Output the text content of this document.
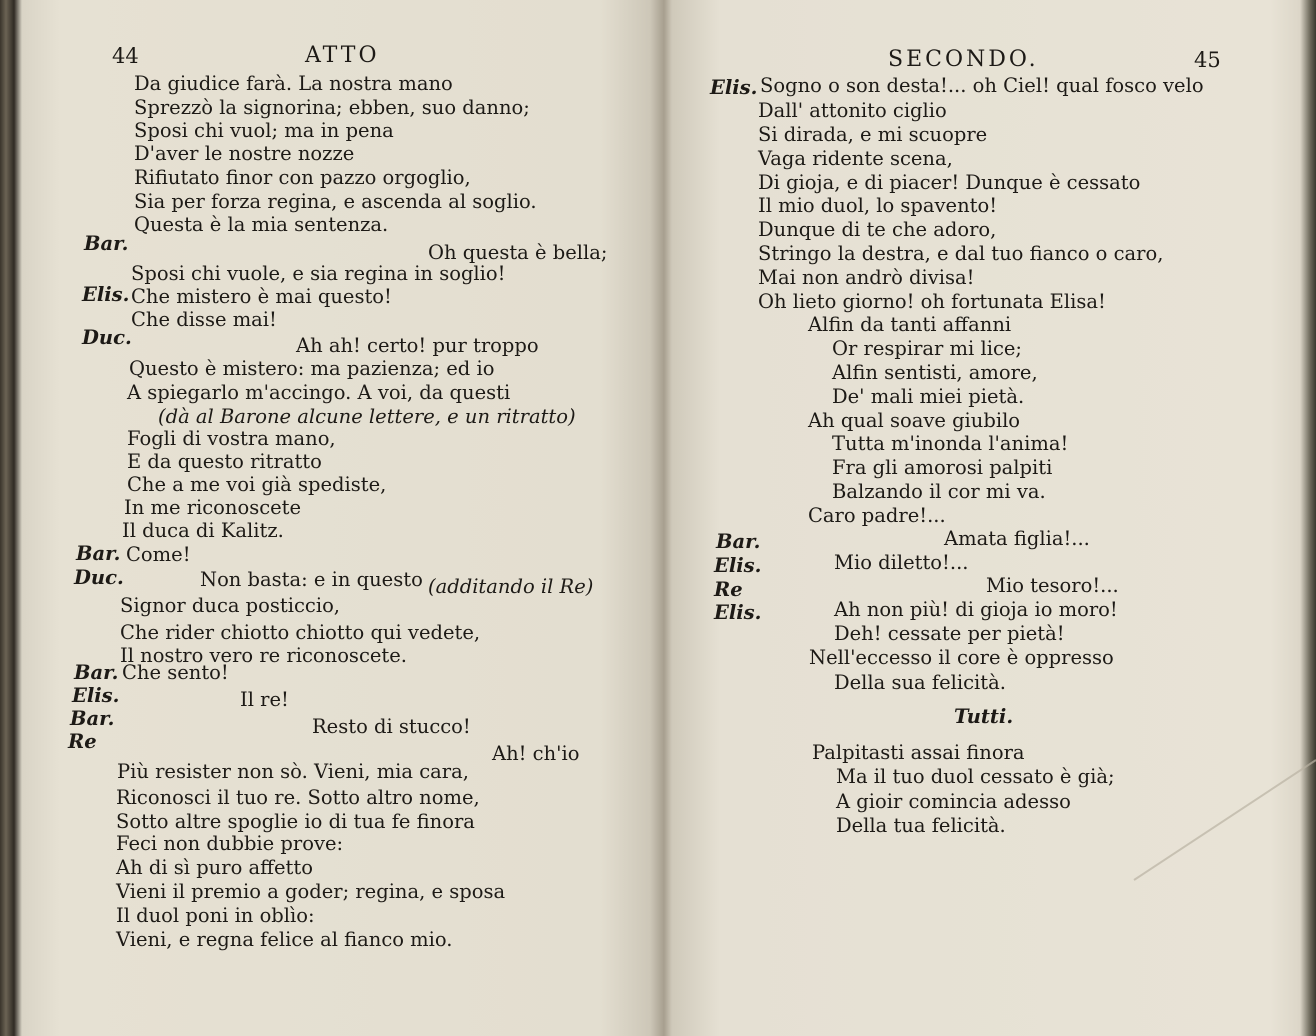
44	ATTO
Da giudice farà. La nostra mano
Sprezzò la signorina; ebben, suo danno;
Sposi chi vuol; ma in pena
D'aver le nostre nozze
Rifiutato finor con pazzo orgoglio,
Sia per forza regina, e ascenda al soglio.
Questa è la mia sentenza.
Bar.	Oh questa è bella;
Sposi chi vuole, e sia regina in soglio!
Elis. Che mistero è mai questo!
Che disse mai!
Duc.	Ah ah! certo! pur troppo
Questo è mistero: ma pazienza; ed io
A spiegarlo m'accingo. A voi, da questi
(dà al Barone alcune lettere, e un ritratto)
Fogli di vostra mano,
E da questo ritratto
Che a me voi già spediste,
In me riconoscete
Il duca di Kalitz.
Bar. Come!
Duc.	Non basta: e in questo (additando il Re)
Signor duca posticcio,
Che rider chiotto chiotto qui vedete,
Il nostro vero re riconoscete.
Bar. Che sento!
Elis.	Il re!
Bar.	Resto di stucco!
Re
Ah! ch'io
Più resister non sò. Vieni, mia cara,
Riconosci il tuo re. Sotto altro nome,
Sotto altre spoglie io di tua fe finora
Feci non dubbie prove:
Ah di sì puro affetto
Vieni il premio a goder; regina, e sposa
Il duol poni in oblìo:
Vieni, e regna felice al fianco mio.
SECONDO.	45
Elis. Sogno o son desta!... oh Ciel! qual fosco velo
Dall' attonito ciglio
Si dirada, e mi scuopre
Vaga ridente scena,
Di gioja, e di piacer! Dunque è cessato
Il mio duol, lo spavento!
Dunque di te che adoro,
Stringo la destra, e dal tuo fianco o caro,
Mai non andrò divisa!
Oh lieto giorno! oh fortunata Elisa!
Alfin da tanti affanni
Or respirar mi lice;
Alfin sentisti, amore,
De' mali miei pietà.
Ah qual soave giubilo
Tutta m'inonda l'anima!
Fra gli amorosi palpiti
Balzando il cor mi va.
Caro padre!...
Bar.	Amata figlia!...
Elis.	Mio diletto!...
Re	Mio tesoro!...
Elis.	Ah non più! di gioja io moro!
Deh! cessate per pietà!
Nell'eccesso il core è oppresso
Della sua felicità.
Tutti.
Palpitasti assai finora
Ma il tuo duol cessato è già;
A gioir comincia adesso
Della tua felicità.
